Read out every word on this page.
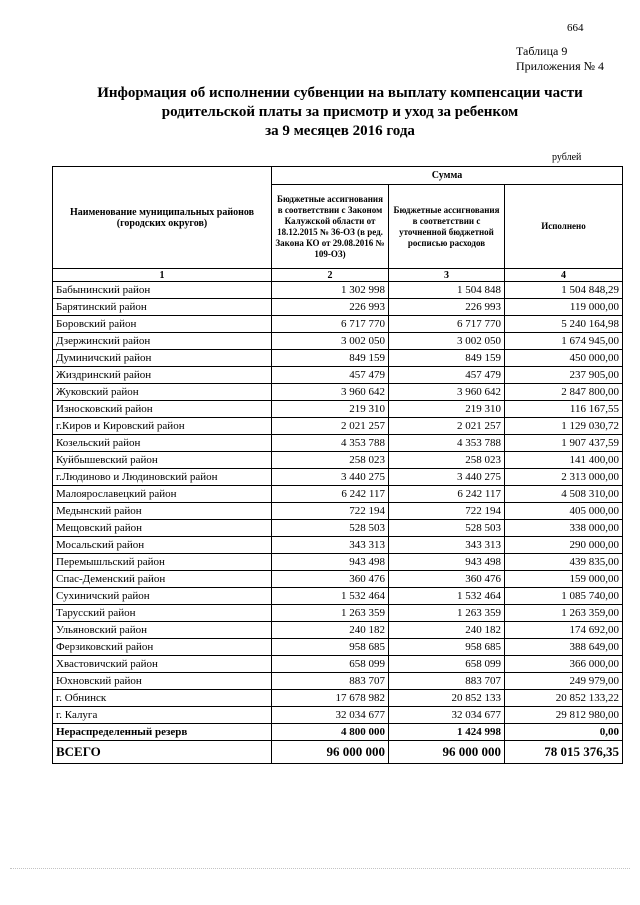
664
Таблица 9
Приложения № 4
Информация об исполнении субвенции на выплату компенсации части
родительской платы за присмотр и уход за ребенком
за 9 месяцев 2016 года
рублей
Наименование муниципальных районов (городских округов)	Сумма		
	Бюджетные ассигнования в соответствии с Законом Калужской области от 18.12.2015 № 36-ОЗ (в ред. Закона КО от 29.08.2016 № 109-ОЗ)	Бюджетные ассигнования в соответствии с уточненной бюджетной росписью расходов	Исполнено
1	2	3	4
Бабынинский район	1 302 998	1 504 848	1 504 848,29
Барятинский район	226 993	226 993	119 000,00
Боровский район	6 717 770	6 717 770	5 240 164,98
Дзержинский район	3 002 050	3 002 050	1 674 945,00
Думиничский район	849 159	849 159	450 000,00
Жиздринский район	457 479	457 479	237 905,00
Жуковский район	3 960 642	3 960 642	2 847 800,00
Износковский район	219 310	219 310	116 167,55
г.Киров и Кировский район	2 021 257	2 021 257	1 129 030,72
Козельский район	4 353 788	4 353 788	1 907 437,59
Куйбышевский район	258 023	258 023	141 400,00
г.Людиново и Людиновский район	3 440 275	3 440 275	2 313 000,00
Малоярославецкий район	6 242 117	6 242 117	4 508 310,00
Медынский район	722 194	722 194	405 000,00
Мещовский район	528 503	528 503	338 000,00
Мосальский район	343 313	343 313	290 000,00
Перемышльский район	943 498	943 498	439 835,00
Спас-Деменский район	360 476	360 476	159 000,00
Сухиничский район	1 532 464	1 532 464	1 085 740,00
Тарусский район	1 263 359	1 263 359	1 263 359,00
Ульяновский район	240 182	240 182	174 692,00
Ферзиковский район	958 685	958 685	388 649,00
Хвастовичский район	658 099	658 099	366 000,00
Юхновский район	883 707	883 707	249 979,00
г. Обнинск	17 678 982	20 852 133	20 852 133,22
г. Калуга	32 034 677	32 034 677	29 812 980,00
Нераспределенный резерв	4 800 000	1 424 998	0,00
ВСЕГО	96 000 000	96 000 000	78 015 376,35
